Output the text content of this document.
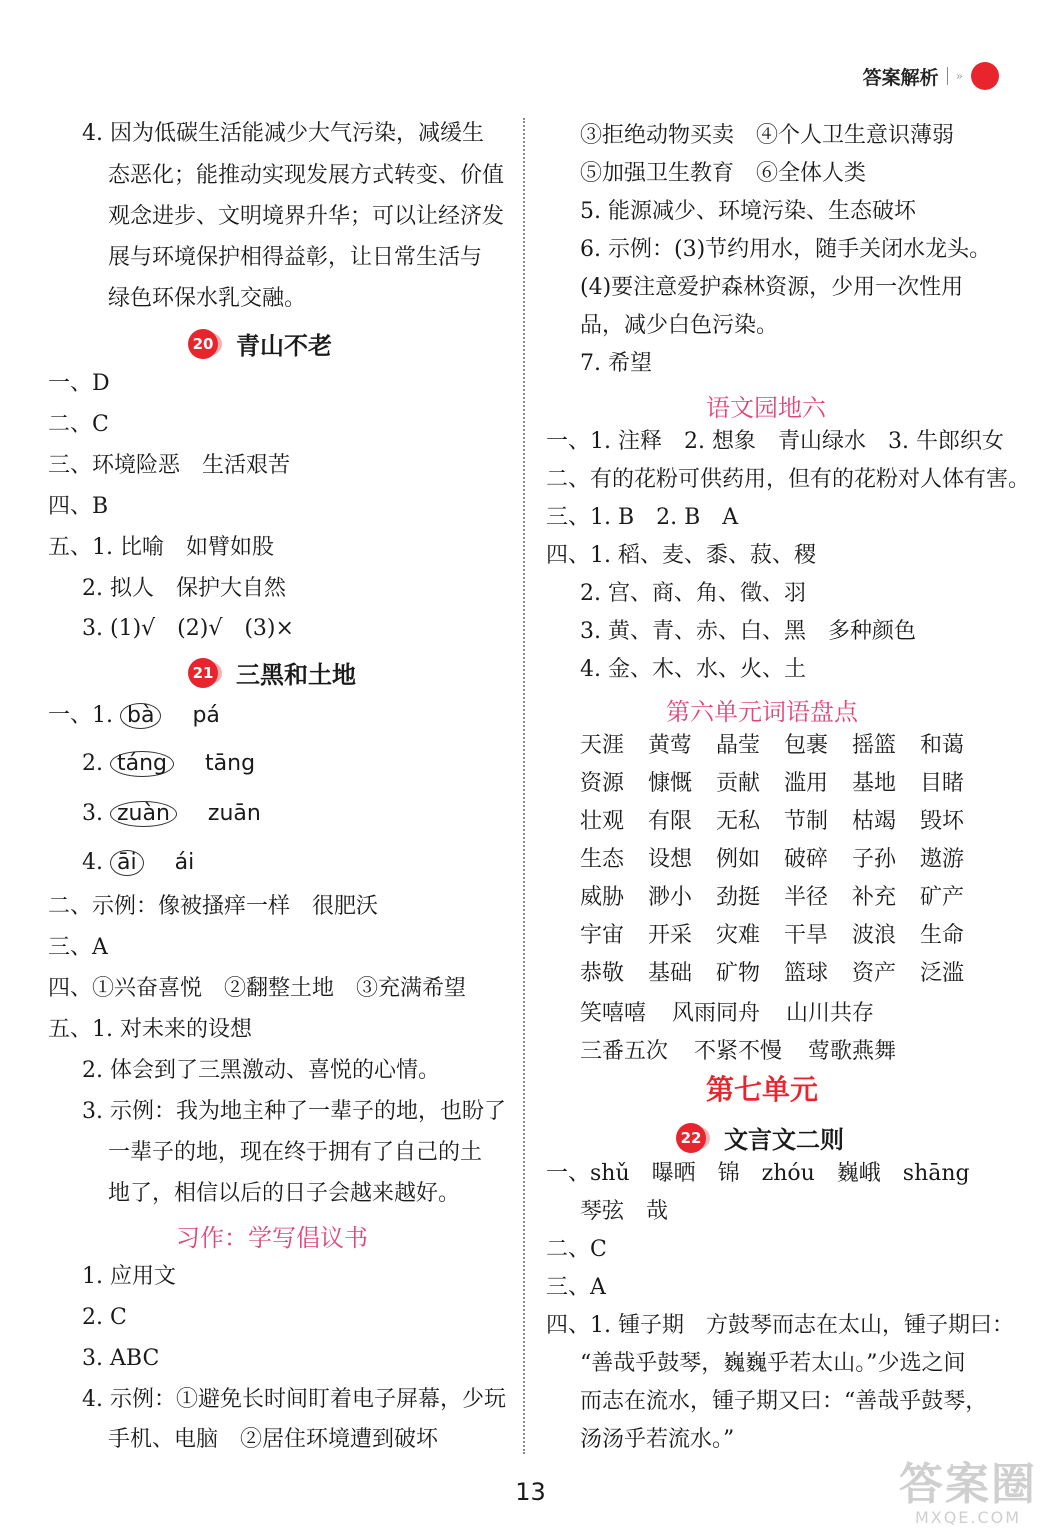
答案解析 »
4. 因为低碳生活能减少大气污染，减缓生
态恶化；能推动实现发展方式转变、价值
观念进步、文明境界升华；可以让经济发
展与环境保护相得益彰，让日常生活与
绿色环保水乳交融。
20 青山不老
一、D
二、C
三、环境险恶　生活艰苦
四、B
五、1. 比喻　如臂如股
2. 拟人　保护大自然
3. (1)√　(2)√　(3)×
21 三黑和土地
一、1. bà pá
2. táng tāng
3. zuàn zuān
4. āi ái
二、示例：像被搔痒一样　很肥沃
三、A
四、①兴奋喜悦　②翻整土地　③充满希望
五、1. 对未来的设想
2. 体会到了三黑激动、喜悦的心情。
3. 示例：我为地主种了一辈子的地，也盼了
一辈子的地，现在终于拥有了自己的土
地了，相信以后的日子会越来越好。
习作：学写倡议书
1. 应用文
2. C
3. ABC
4. 示例：①避免长时间盯着电子屏幕，少玩
手机、电脑　②居住环境遭到破坏
③拒绝动物买卖　④个人卫生意识薄弱
⑤加强卫生教育　⑥全体人类
5. 能源减少、环境污染、生态破坏
6. 示例：(3)节约用水，随手关闭水龙头。
(4)要注意爱护森林资源，少用一次性用
品，减少白色污染。
7. 希望
语文园地六
一、1. 注释　2. 想象　青山绿水　3. 牛郎织女
二、有的花粉可供药用，但有的花粉对人体有害。
三、1. B　2. B　A
四、1. 稻、麦、黍、菽、稷
2. 宫、商、角、徵、羽
3. 黄、青、赤、白、黑　多种颜色
4. 金、木、水、火、土
第六单元词语盘点
天涯	黄莺	晶莹	包裹	摇篮	和蔼
资源	慷慨	贡献	滥用	基地	目睹
壮观	有限	无私	节制	枯竭	毁坏
生态	设想	例如	破碎	子孙	遨游
威胁	渺小	劲挺	半径	补充	矿产
宇宙	开采	灾难	干旱	波浪	生命
恭敬	基础	矿物	篮球	资产	泛滥
笑嘻嘻 风雨同舟 山川共存
三番五次 不紧不慢 莺歌燕舞
第七单元
22 文言文二则
一、shǔ　曝晒　锦　zhóu　巍峨　shāng
琴弦　哉
二、C
三、A
四、1. 锺子期　方鼓琴而志在太山，锺子期曰：
“善哉乎鼓琴，巍巍乎若太山。”少选之间
而志在流水，锺子期又曰：“善哉乎鼓琴，
汤汤乎若流水。”
13	答案圈
MXQE.COM
